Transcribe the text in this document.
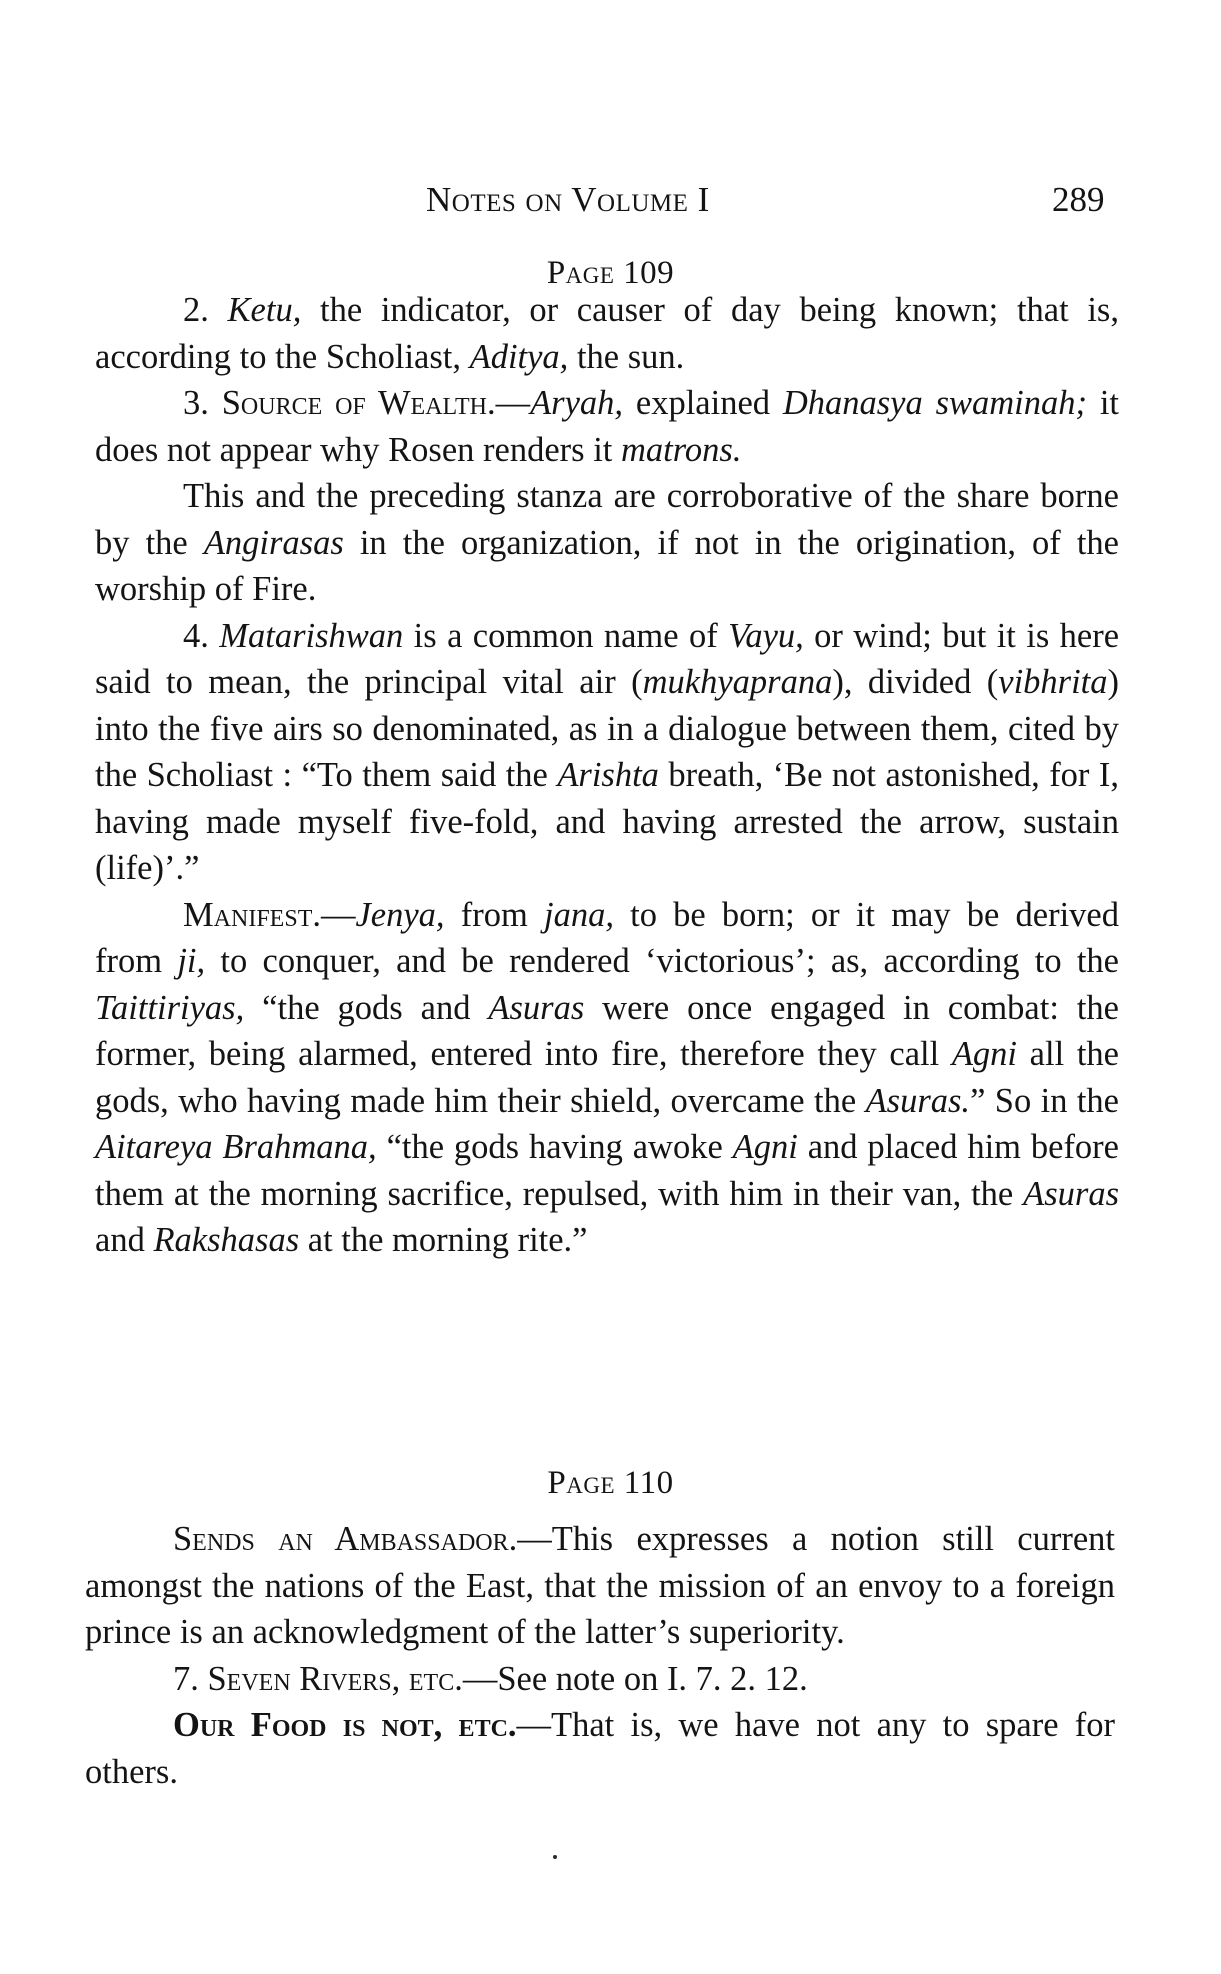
Notes on Volume I	289
Page 109

2. Ketu, the indicator, or causer of day being known; that is, according to the Scholiast, Aditya, the sun.

3. Source of Wealth.—Aryah, explained Dhanasya swaminah; it does not appear why Rosen renders it matrons.

This and the preceding stanza are corroborative of the share borne by the Angirasas in the organization, if not in the origination, of the worship of Fire.

4. Matarishwan is a common name of Vayu, or wind; but it is here said to mean, the principal vital air (mukhyaprana), divided (vibhrita) into the five airs so denominated, as in a dialogue between them, cited by the Scholiast : “To them said the Arishta breath, ‘Be not astonished, for I, having made myself five-fold, and having arrested the arrow, sustain (life)’.”

Manifest.—Jenya, from jana, to be born; or it may be derived from ji, to conquer, and be rendered ‘victorious’; as, according to the Taittiriyas, “the gods and Asuras were once engaged in combat: the former, being alarmed, entered into fire, therefore they call Agni all the gods, who having made him their shield, overcame the Asuras.” So in the Aitareya Brahmana, “the gods having awoke Agni and placed him before them at the morning sacrifice, repulsed, with him in their van, the Asuras and Rakshasas at the morning rite.”

Page 110

Sends an Ambassador.—This expresses a notion still current amongst the nations of the East, that the mission of an envoy to a foreign prince is an acknowledgment of the latter’s superiority.

7. Seven Rivers, etc.—See note on I. 7. 2. 12.

Our Food is not, etc.—That is, we have not any to spare for others.
